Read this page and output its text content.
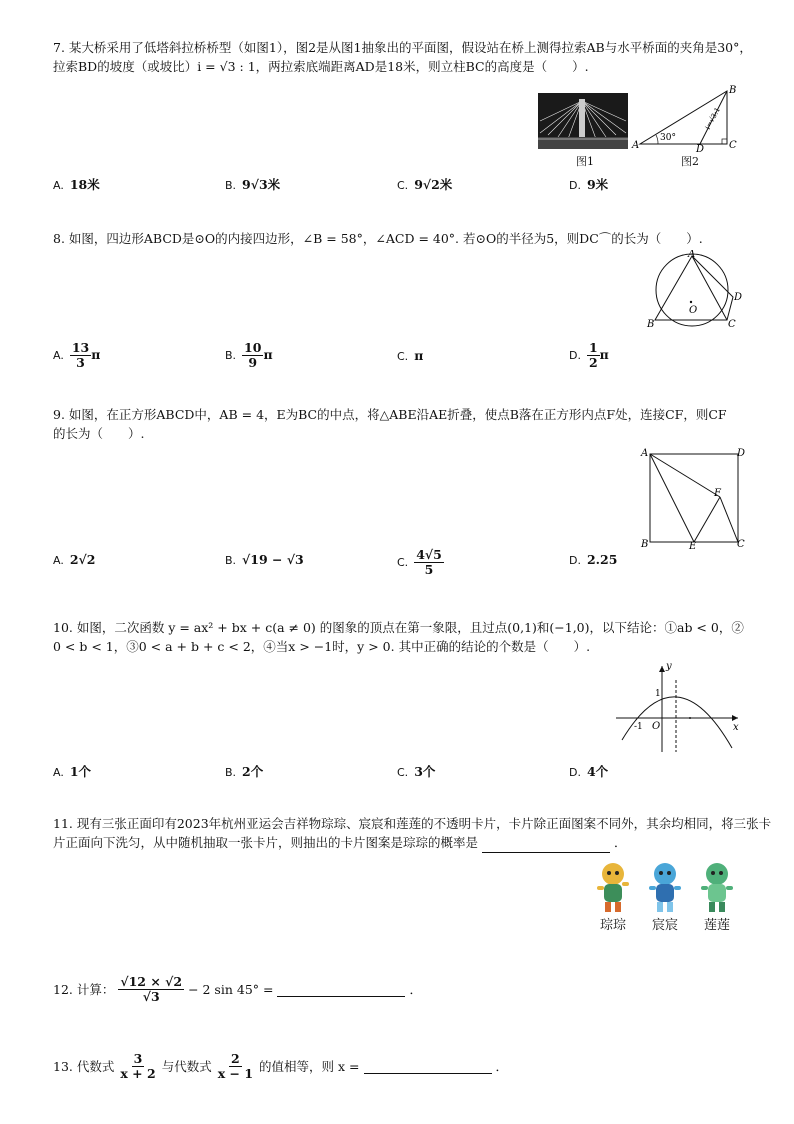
7. 某大桥采用了低塔斜拉桥桥型（如图1），图2是从图1抽象出的平面图，假设站在桥上测得拉索AB与水平桥面的夹角是30°，
拉索BD的坡度（或坡比）i = √3 : 1，两拉索底端距离AD是18米，则立柱BC的高度是（　　）.
图1
30°
i=√3:1
A
B
C
D
图2
A. 18米	B. 9√3米	C. 9√2米	D. 9米
8. 如图，四边形ABCD是⊙O的内接四边形，∠B = 58°，∠ACD = 40°. 若⊙O的半径为5，则DC⌒的长为（　　）.
A
B	C
D
O
A. $\frac{13}{3}$ π	B. $\frac{10}{9}$ π	C. π	D. $\frac{1}{2}$ π
9. 如图，在正方形ABCD中，AB = 4，E为BC的中点，将△ABE沿AE折叠，使点B落在正方形内点F处，连接CF，则CF
的长为（　　）.
A	D
B	C
E
F
A. 2√2	B. √19 − √3	C. $\frac{4√5}{5}$	D. 2.25
10. 如图，二次函数 y = ax² + bx + c(a ≠ 0) 的图象的顶点在第一象限，且过点(0,1)和(−1,0)，以下结论：①ab < 0，②
0 < b < 1，③0 < a + b + c < 2，④当x > −1时，y > 0. 其中正确的结论的个数是（　　）.
y
x
1
-1 O
A. 1个	B. 2个	C. 3个	D. 4个
11. 现有三张正面印有2023年杭州亚运会吉祥物琮琮、宸宸和莲莲的不透明卡片，卡片除正面图案不同外，其余均相同，将三张卡
片正面向下洗匀，从中随机抽取一张卡片，则抽出的卡片图案是琮琮的概率是	．
琮琮	宸宸	莲莲
12. 计算： $\frac{√12 \times √2}{√3} - 2$ sin 45° =	．
13. 代数式 $\frac{3}{x + 2}$ 与代数式 $\frac{2}{x - 1}$ 的值相等，则 x =	．
